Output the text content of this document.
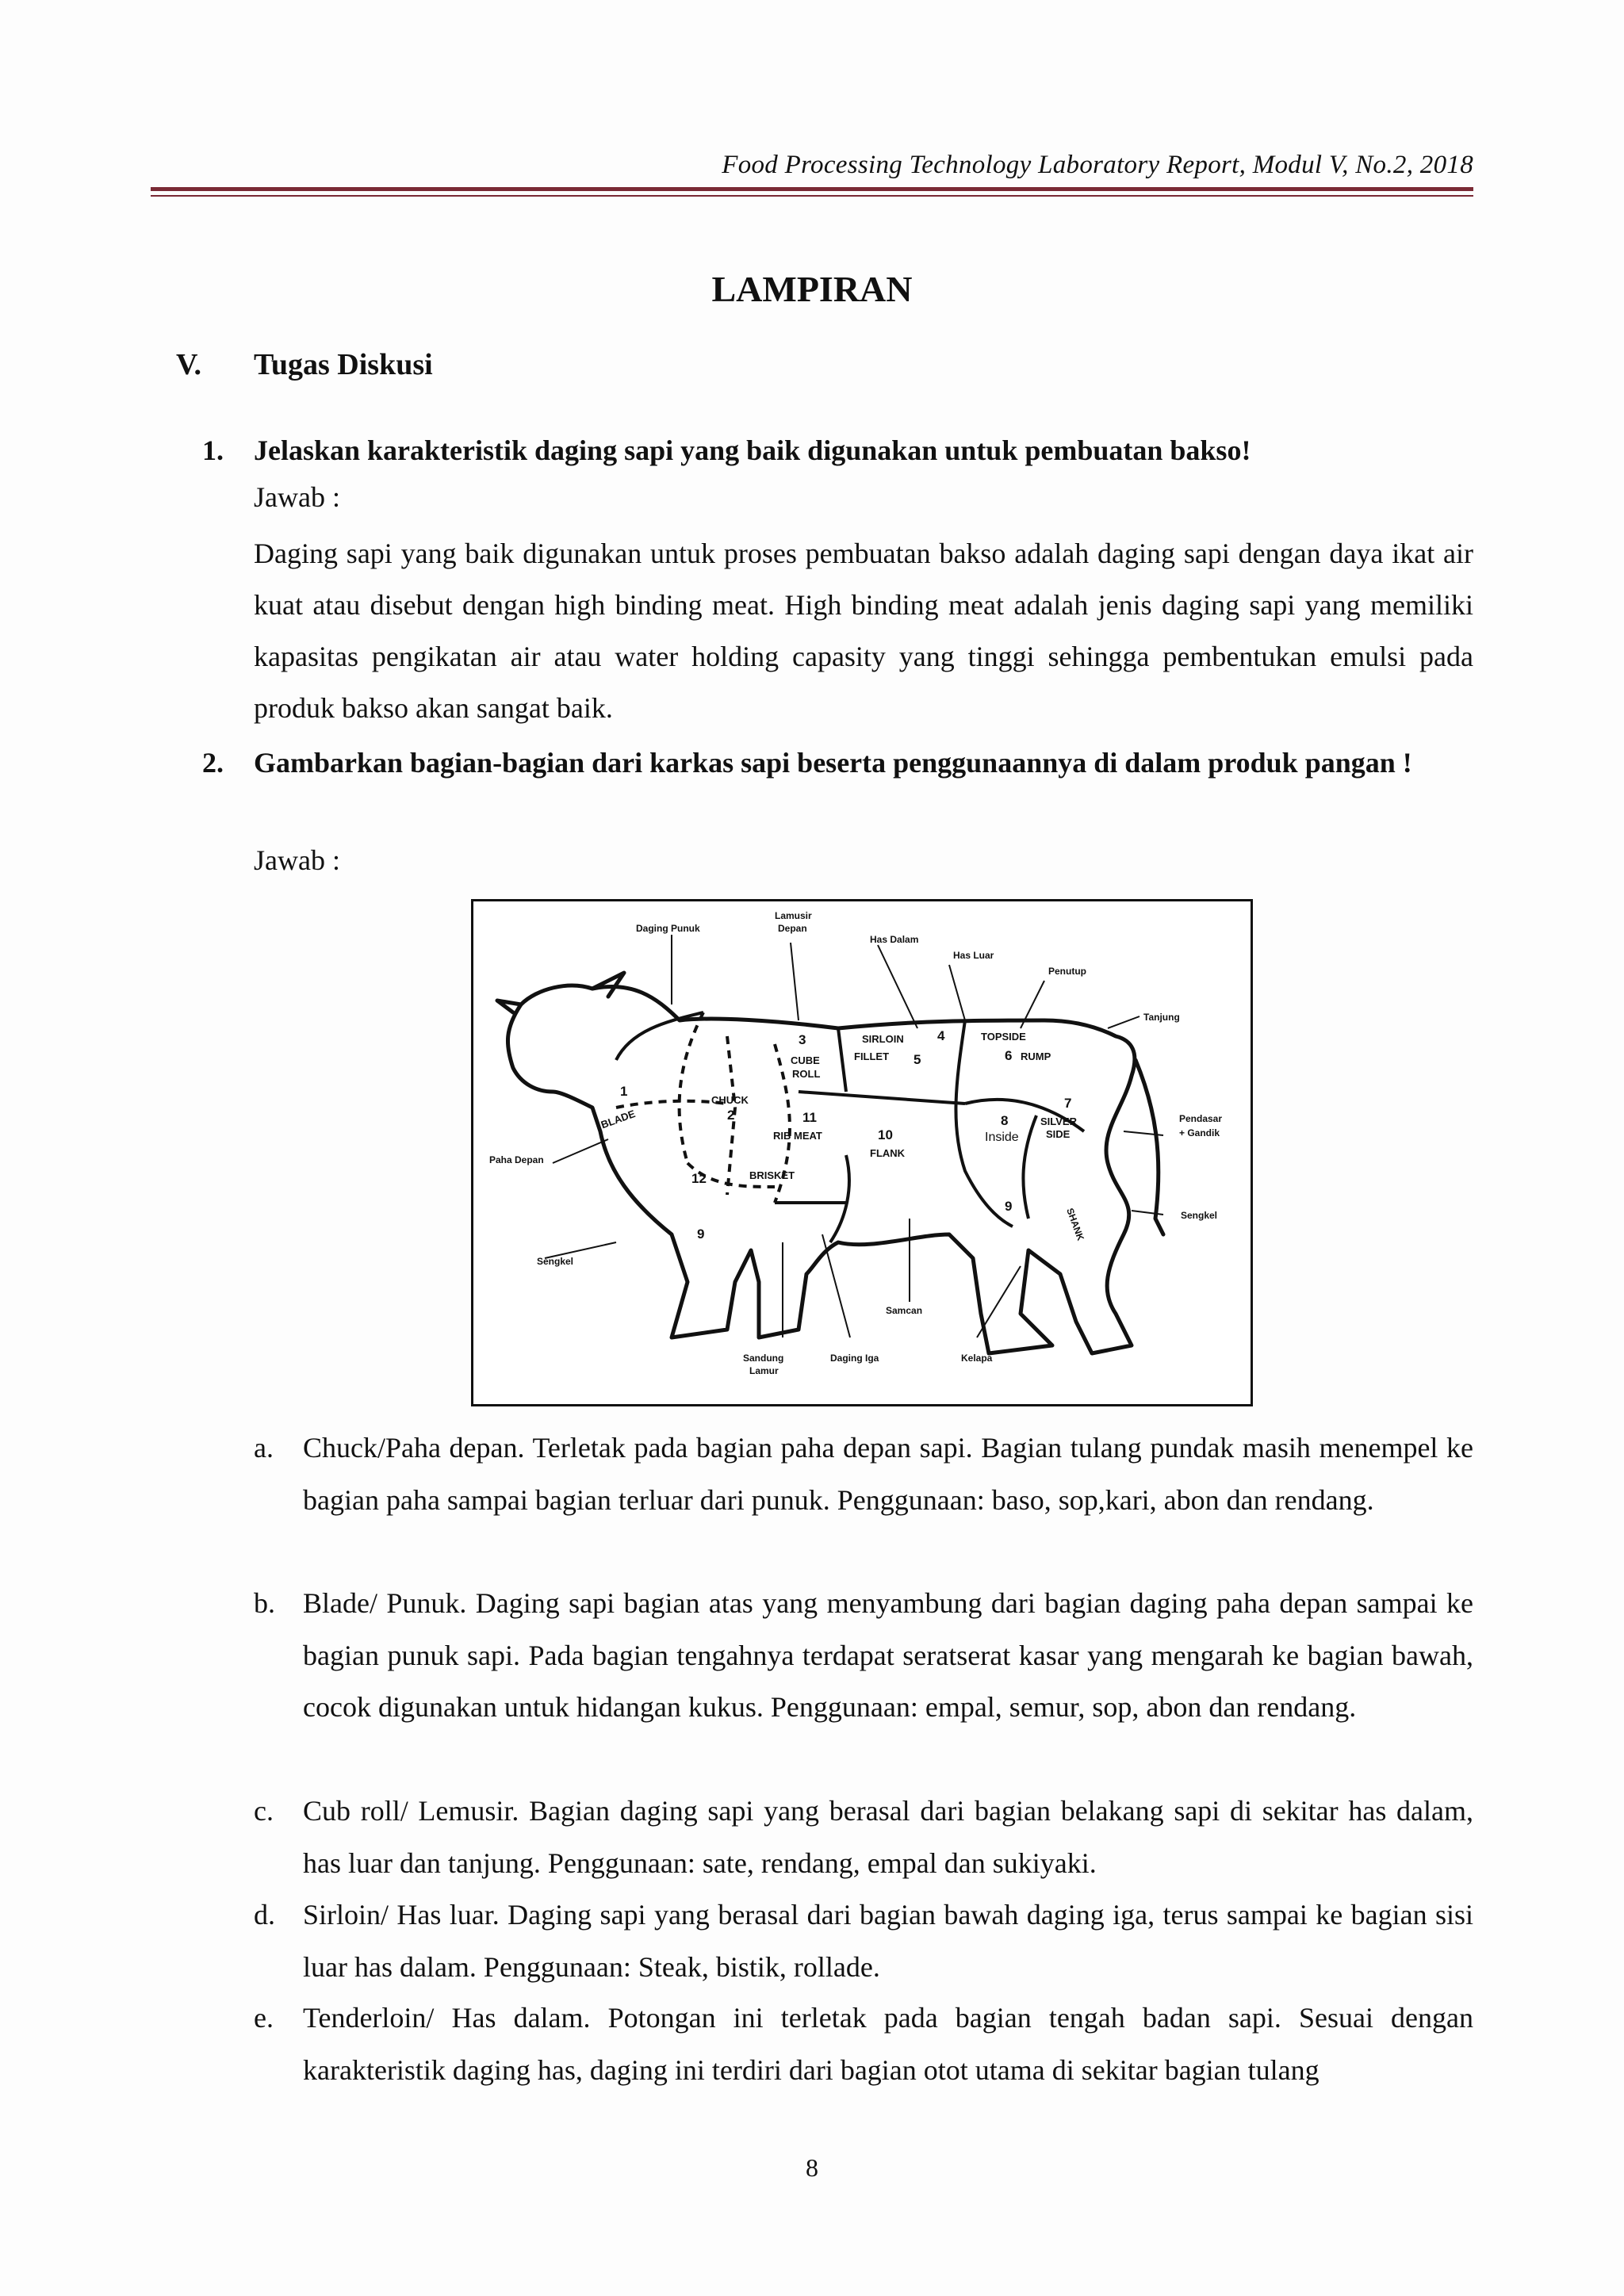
Food Processing Technology Laboratory Report, Modul V, No.2, 2018
LAMPIRAN
V. Tugas Diskusi
1. Jelaskan karakteristik daging sapi yang baik digunakan untuk pembuatan bakso!
Jawab :
Daging sapi yang baik digunakan untuk proses pembuatan bakso adalah daging sapi dengan daya ikat air kuat atau disebut dengan high binding meat. High binding meat adalah jenis daging sapi yang memiliki kapasitas pengikatan air atau water holding capasity yang tinggi sehingga pembentukan emulsi pada produk bakso akan sangat baik.
2. Gambarkan bagian-bagian dari karkas sapi beserta penggunaannya di dalam produk pangan !
Jawab :
Daging Punuk
Lamusir
Depan
Has Dalam
Has Luar
Penutup
Tanjung
Pendasar
+ Gandik
Paha Depan
Sengkel
Sengkel
Samcan
Sandung
Lamur
Daging Iga	Kelapa
1
BLADE	2
CHUCK
3
CUBE
ROLL
4
SIRLOIN
5
FILLET
TOPSIDE
6 RUMP
7
SILVER
SIDE
8
Inside
9
9
10
FLANK
11
RIB MEAT
12	BRISKET
SHANK
a. Chuck/Paha depan. Terletak pada bagian paha depan sapi. Bagian tulang pundak masih menempel ke bagian paha sampai bagian terluar dari punuk. Penggunaan: baso, sop,kari, abon dan rendang.
b. Blade/ Punuk. Daging sapi bagian atas yang menyambung dari bagian daging paha depan sampai ke bagian punuk sapi. Pada bagian tengahnya terdapat seratserat kasar yang mengarah ke bagian bawah, cocok digunakan untuk hidangan kukus. Penggunaan: empal, semur, sop, abon dan rendang.
c. Cub roll/ Lemusir. Bagian daging sapi yang berasal dari bagian belakang sapi di sekitar has dalam, has luar dan tanjung. Penggunaan: sate, rendang, empal dan sukiyaki.
d. Sirloin/ Has luar. Daging sapi yang berasal dari bagian bawah daging iga, terus sampai ke bagian sisi luar has dalam. Penggunaan: Steak, bistik, rollade.
e. Tenderloin/ Has dalam. Potongan ini terletak pada bagian tengah badan sapi. Sesuai dengan karakteristik daging has, daging ini terdiri dari bagian otot utama di sekitar bagian tulang
8
